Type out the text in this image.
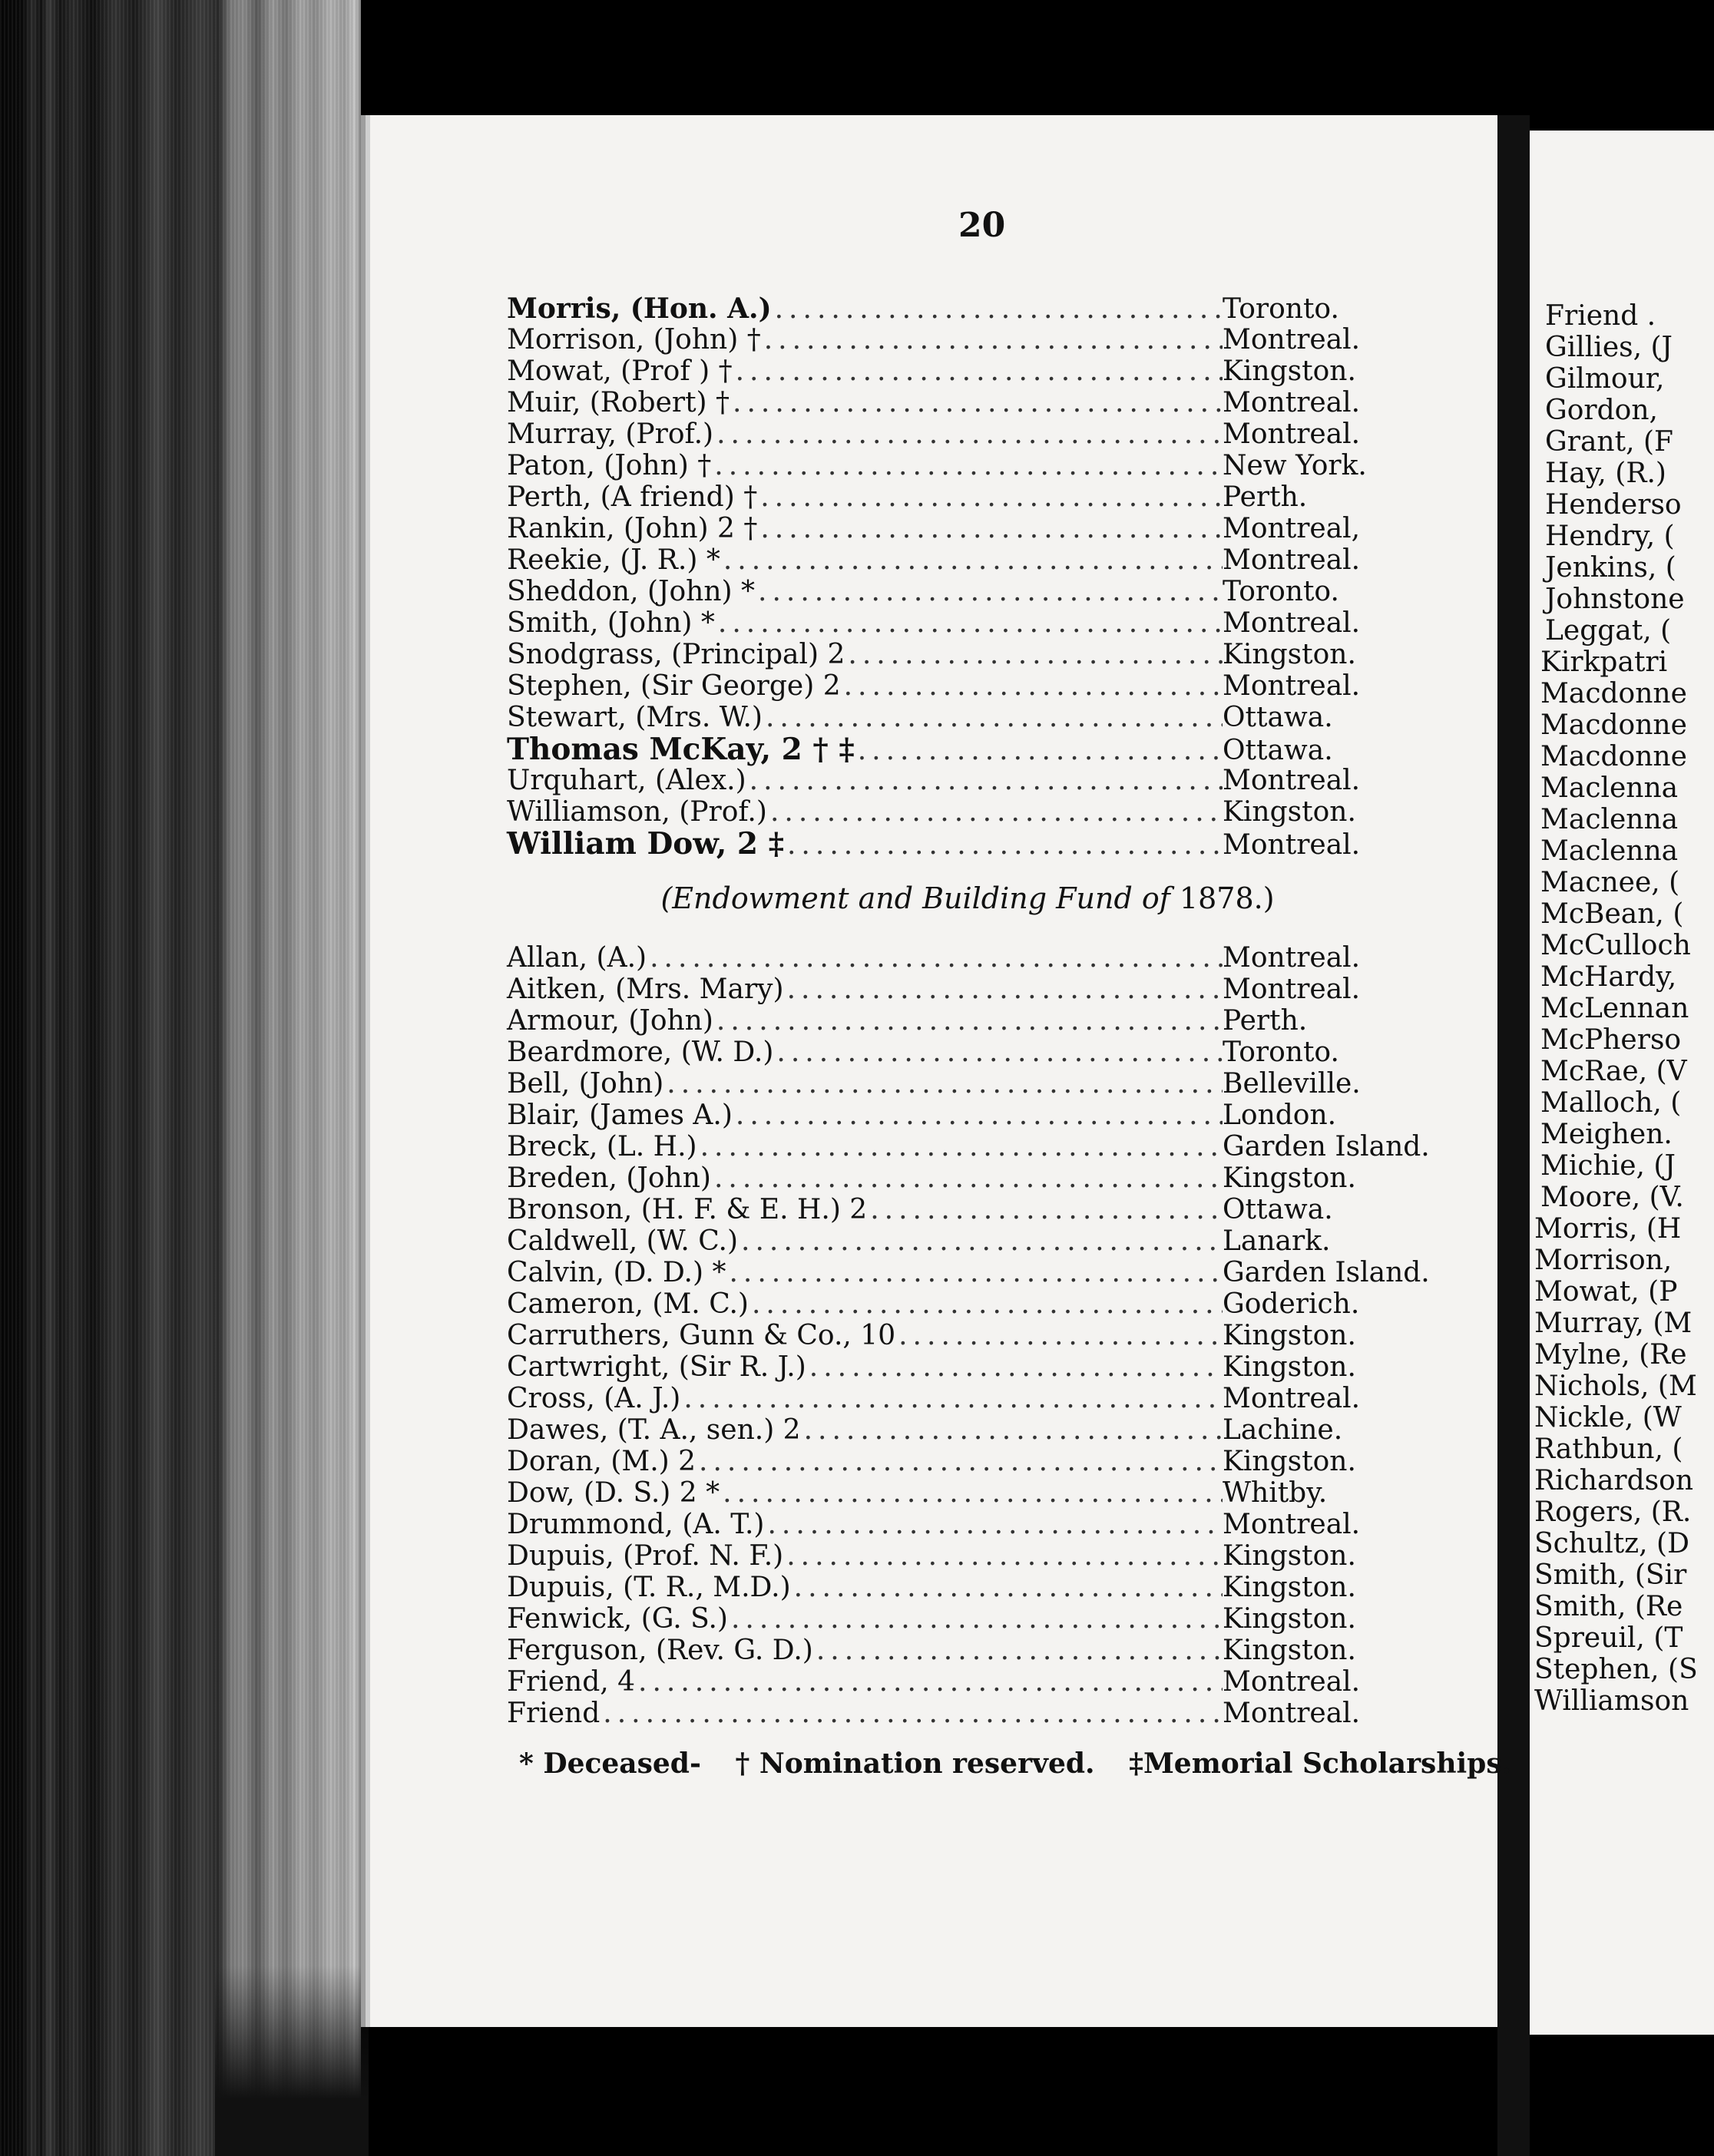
Friend .
Gillies, (J
Gilmour,
Gordon,
Grant, (F
Hay, (R.)
Henderso
Hendry, (
Jenkins, (
Johnstone
Leggat, (
Kirkpatri
Macdonne
Macdonne
Macdonne
Maclenna
Maclenna
Maclenna
Macnee, (
McBean, (
McCulloch
McHardy,
McLennan
McPherso
McRae, (V
Malloch, (
Meighen.
Michie, (J
Moore, (V.
Morris, (H
Morrison,
Mowat, (P
Murray, (M
Mylne, (Re
Nichols, (M
Nickle, (W
Rathbun, (
Richardson
Rogers, (R.
Schultz, (D
Smith, (Sir
Smith, (Re
Spreuil, (T
Stephen, (S
Williamson
20
Morris, (Hon. A.) .....	Toronto.
Morrison, (John) † .....	Montreal.
Mowat, (Prof ) † .....	Kingston.
Muir, (Robert) † .....	Montreal.
Murray, (Prof.) .....	Montreal.
Paton, (John) † .....	New York.
Perth, (A friend) † .....	Perth.
Rankin, (John) 2 † .....	Montreal,
Reekie, (J. R.) * .....	Montreal.
Sheddon, (John) * .....	Toronto.
Smith, (John) * .....	Montreal.
Snodgrass, (Principal) 2 .....	Kingston.
Stephen, (Sir George) 2 .....	Montreal.
Stewart, (Mrs. W.) .....	Ottawa.
Thomas McKay, 2 † ‡ .....	Ottawa.
Urquhart, (Alex.) .....	Montreal.
Williamson, (Prof.) .....	Kingston.
William Dow, 2 ‡ .....	Montreal.
(Endowment and Building Fund of 1878.)
Allan, (A.) .....	Montreal.
Aitken, (Mrs. Mary) .....	Montreal.
Armour, (John) .....	Perth.
Beardmore, (W. D.) .....	Toronto.
Bell, (John) .....	Belleville.
Blair, (James A.) .....	London.
Breck, (L. H.) .....	Garden Island.
Breden, (John) .....	Kingston.
Bronson, (H. F. & E. H.) 2 .....	Ottawa.
Caldwell, (W. C.) .....	Lanark.
Calvin, (D. D.) * .....	Garden Island.
Cameron, (M. C.) .....	Goderich.
Carruthers, Gunn & Co., 10 .....	Kingston.
Cartwright, (Sir R. J.) .....	Kingston.
Cross, (A. J.) .....	Montreal.
Dawes, (T. A., sen.) 2 .....	Lachine.
Doran, (M.) 2 .....	Kingston.
Dow, (D. S.) 2 * .....	Whitby.
Drummond, (A. T.) .....	Montreal.
Dupuis, (Prof. N. F.) .....	Kingston.
Dupuis, (T. R., M.D.) .....	Kingston.
Fenwick, (G. S.) .....	Kingston.
Ferguson, (Rev. G. D.) .....	Kingston.
Friend, 4 .....	Montreal.
Friend .....	Montreal.
* Deceased- † Nomination reserved. ‡Memorial Scholarships.
